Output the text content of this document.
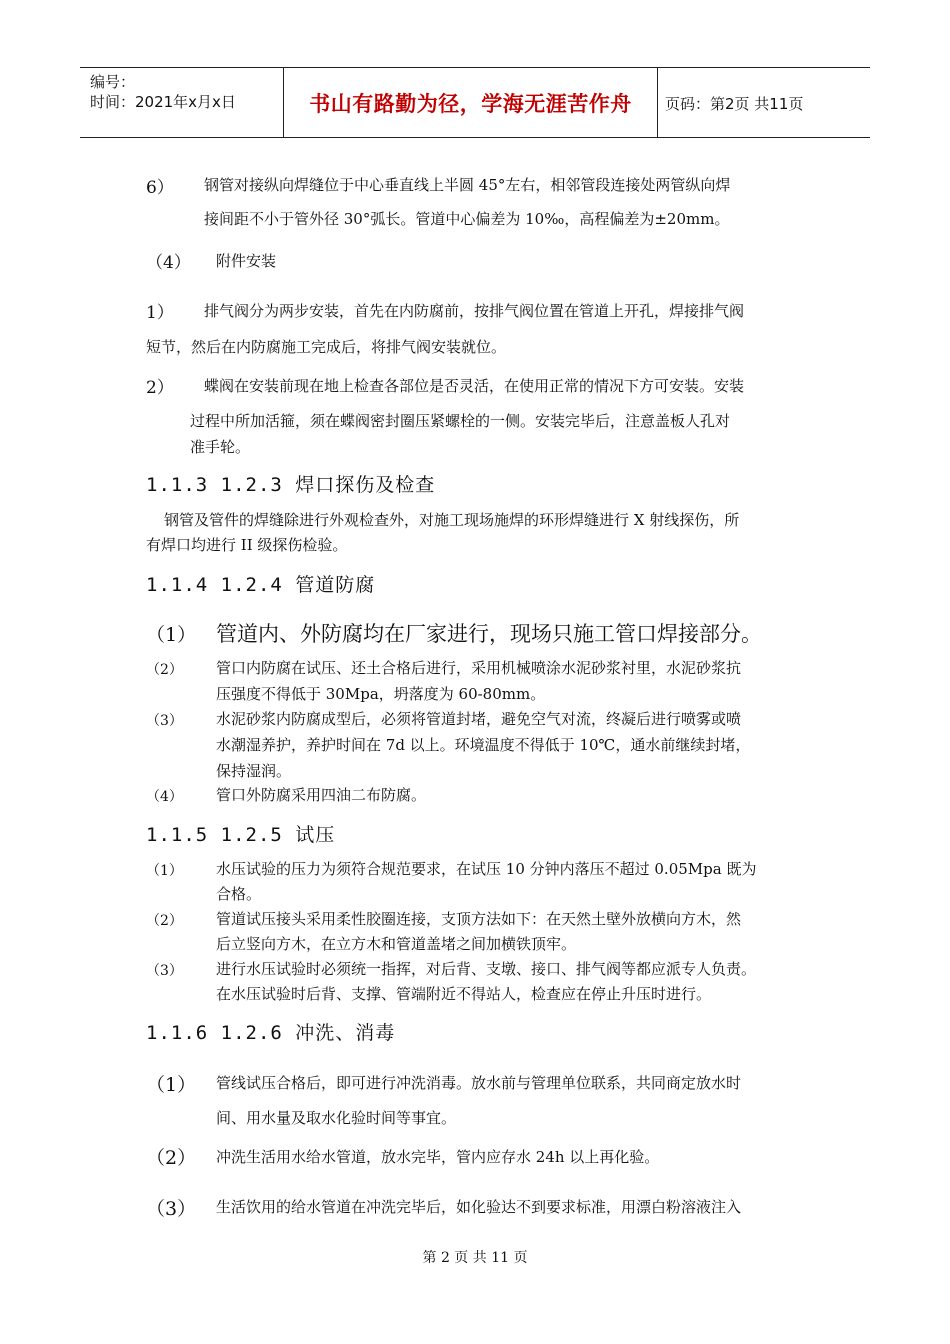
编号：
时间：2021年x月x日	书山有路勤为径，学海无涯苦作舟	页码：第2页 共11页
6） 钢管对接纵向焊缝位于中心垂直线上半圆 45°左右，相邻管段连接处两管纵向焊
接间距不小于管外径 30°弧长。管道中心偏差为 10‰，高程偏差为±20mm。
（4） 附件安装
1） 排气阀分为两步安装，首先在内防腐前，按排气阀位置在管道上开孔，焊接排气阀
短节，然后在内防腐施工完成后，将排气阀安装就位。
2） 蝶阀在安装前现在地上检查各部位是否灵活，在使用正常的情况下方可安装。安装
过程中所加活箍，须在蝶阀密封圈压紧螺栓的一侧。安装完毕后，注意盖板人孔对
准手轮。
1.1.3 1.2.3 焊口探伤及检查
钢管及管件的焊缝除进行外观检查外，对施工现场施焊的环形焊缝进行 X 射线探伤，所
有焊口均进行 II 级探伤检验。
1.1.4 1.2.4 管道防腐
（1） 管道内、外防腐均在厂家进行，现场只施工管口焊接部分。
（2） 管口内防腐在试压、还土合格后进行，采用机械喷涂水泥砂浆衬里，水泥砂浆抗
压强度不得低于 30Mpa，坍落度为 60-80mm。
（3） 水泥砂浆内防腐成型后，必须将管道封堵，避免空气对流，终凝后进行喷雾或喷
水潮湿养护，养护时间在 7d 以上。环境温度不得低于 10℃，通水前继续封堵，
保持湿润。
（4） 管口外防腐采用四油二布防腐。
1.1.5 1.2.5 试压
（1） 水压试验的压力为须符合规范要求，在试压 10 分钟内落压不超过 0.05Mpa 既为
合格。
（2） 管道试压接头采用柔性胶圈连接，支顶方法如下：在天然土壁外放横向方木，然
后立竖向方木，在立方木和管道盖堵之间加横铁顶牢。
（3） 进行水压试验时必须统一指挥，对后背、支墩、接口、排气阀等都应派专人负责。
在水压试验时后背、支撑、管端附近不得站人，检查应在停止升压时进行。
1.1.6 1.2.6 冲洗、消毒
（1） 管线试压合格后，即可进行冲洗消毒。放水前与管理单位联系，共同商定放水时
间、用水量及取水化验时间等事宜。
（2） 冲洗生活用水给水管道，放水完毕，管内应存水 24h 以上再化验。
（3） 生活饮用的给水管道在冲洗完毕后，如化验达不到要求标准，用漂白粉溶液注入
第 2 页 共 11 页
